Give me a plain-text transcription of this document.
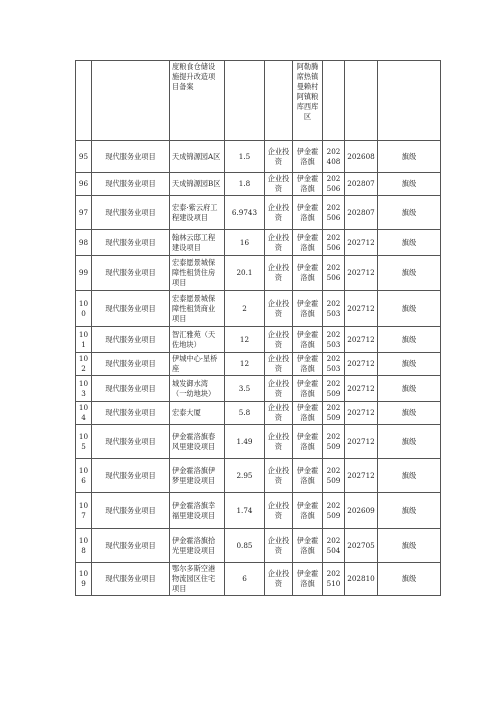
		度粮食仓储设施提升改造项目备案			阿勒腾席热镇曼赖村阿镇粮库西库区			
95	现代服务业项目	天成锦源园A区	1.5	企业投资	伊金霍洛旗	202408	202608	旗级
96	现代服务业项目	天成锦源园B区	1.8	企业投资	伊金霍洛旗	202506	202807	旗级
97	现代服务业项目	宏泰·紫云府工程建设项目	6.9743	企业投资	伊金霍洛旗	202506	202807	旗级
98	现代服务业项目	翰林云邸工程建设项目	16	企业投资	伊金霍洛旗	202506	202712	旗级
99	现代服务业项目	宏泰愿景城保障性租赁住房项目	20.1	企业投资	伊金霍洛旗	202506	202712	旗级
100	现代服务业项目	宏泰愿景城保障性租赁商业项目	2	企业投资	伊金霍洛旗	202503	202712	旗级
101	现代服务业项目	智汇雅苑（天佐地块）	12	企业投资	伊金霍洛旗	202503	202712	旗级
102	现代服务业项目	伊城中心·星桥座	12	企业投资	伊金霍洛旗	202503	202712	旗级
103	现代服务业项目	城发御水湾（一幼地块）	3.5	企业投资	伊金霍洛旗	202509	202712	旗级
104	现代服务业项目	宏泰大厦	5.8	企业投资	伊金霍洛旗	202509	202712	旗级
105	现代服务业项目	伊金霍洛旗春风里建设项目	1.49	企业投资	伊金霍洛旗	202509	202712	旗级
106	现代服务业项目	伊金霍洛旗伊梦里建设项目	2.95	企业投资	伊金霍洛旗	202509	202712	旗级
107	现代服务业项目	伊金霍洛旗幸福里建设项目	1.74	企业投资	伊金霍洛旗	202509	202609	旗级
108	现代服务业项目	伊金霍洛旗拾光里建设项目	0.85	企业投资	伊金霍洛旗	202504	202705	旗级
109	现代服务业项目	鄂尔多斯空港物流园区住宅项目	6	企业投资	伊金霍洛旗	202510	202810	旗级
